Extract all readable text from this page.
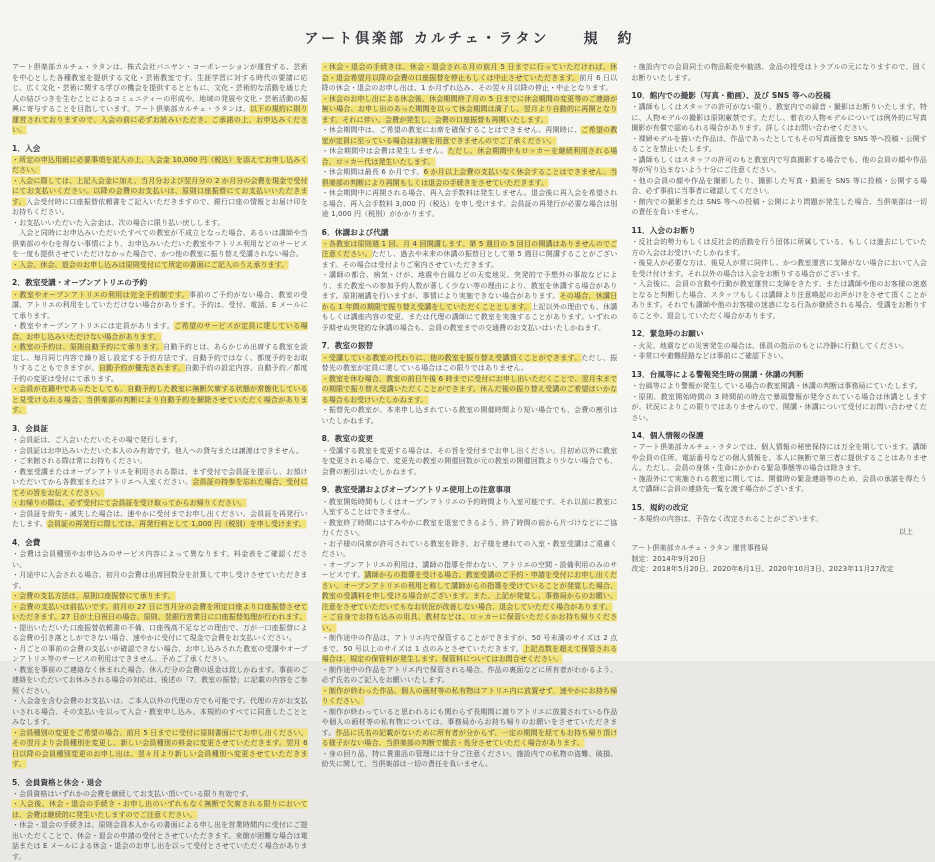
アート倶楽部 カルチェ・ラタン　　規　約
アート倶楽部カルチェ・ラタンは、株式会社パニヤン・コーポレーションが運営する、芸術を中心とした各種教室を提供する文化・芸術教室です。生涯学習に対する時代の要請に応じ、広く文化・芸術に関する学びの機会を提供するとともに、文化・芸術的な活動を通じた人の結びつきを生むことによるコミュニティーの形成や、地域の発展や文化・芸術活動の振興に寄与することを目指しています。アート倶楽部カルチェ・ラタンは、以下の規約に則り運営されておりますので、入会の前に必ずお読みいただき、ご承諾の上、お申込みください。
1．入会
・所定の申込用紙に必要事項を記入の上、入会金 10,000 円（税込）を添えてお申し込みください。
・入会に際しては、上記入会金に加え、当月分および翌月分の 2 か月分の会費を現金で受付にてお支払いください。以降の会費のお支払いは、原則口座振替にてお支払いいただきます。入会受付時に口座振替依頼書をご記入いただきますので、銀行口座の情報とお届け印をお持ちください。
・お支払いいただいた入会金は、次の場合に限り払い戻しします。
　入会と同時にお申込みいただいたすべての教室が不成立となった場合、あるいは講師や当倶楽部のやむを得ない事情により、お申込みいただいた教室やアトリエ利用などのサービスを一度も提供させていただけなかった場合で、かつ他の教室に振り替え受講されない場合。
・入会、休会、退会のお申し込みは原則受付にて所定の書面にご記入のうえ承ります。
2．教室受講・オープンアトリエの予約
・教室やオープンアトリエの利用は完全予約制です。事前のご予約がない場合、教室の受講、アトリエの利用をしていただけない場合があります。予約は、受付、電話、E メールにて承ります。
・教室やオープンアトリエには定員があります。ご希望のサービスが定員に達している場合、お申し込みいただけない場合があります。
・教室の予約は、原則自動予約にて承ります。自動予約とは、あらかじめ出席する教室を設定し、毎月同じ内容で繰り返し設定する予約方法です。自動予約ではなく、都度予約をお取りすることもできますが、自動予約が優先されます。自動予約の設定内容、自動予約／都度予約の変更は受付にて承ります。
・会員が在籍中であったとしても、自動予約した教室に無断欠席する状態が常態化していると見受けられる場合、当倶楽部の判断により自動予約を解除させていただく場合があります。
3．会員証
・会員証は、ご入会いただいたその場で発行します。
・会員証はお申込みいただいた本人のみ有効です。他人への貸与または譲渡はできません。
・ご来館される際は常にお持ちください。
・教室受講またはオープンアトリエを利用される際は、まず受付で会員証を提示し、お預けいただいてから各教室またはアトリエへ入室ください。会員証の持参を忘れた場合、受付にてその旨をお伝えください。
・お帰りの際は、必ず受付にて会員証を受け取ってからお帰りください。
・会員証を紛失・滅失した場合は、速やかに受付までお申し出ください。会員証を再発行いたします。会員証の再発行に際しては、再発行料として 1,000 円（税別）を申し受けます。
4．会費
・会費は会員種別やお申込みのサービス内容によって異なります。料金表をご確認ください。
・月途中に入会される場合、初月の会費は出席回数分を計算して申し受けさせていただきます。
・会費の支払方法は、原則口座振替にて承ります。
・会費の支払いは前払いです。前月の 27 日に当月分の会費を所定口座より口座振替させていただきます。27 日が土日祝日の場合、原則、翌銀行営業日に口座振替処理が行われます。
・提出いただいた口座振替依頼書の不備、口座残高不足などの理由で、万が一口座振替による会費の引き落としができない場合、速やかに受付にて現金で会費をお支払いください。
・月ごとの事前の会費の支払いが確認できない場合、お申し込みされた教室の受講やオープンアトリエ等のサービスの利用はできません。予めご了承ください。
・教室を事前のご連絡なく休まれた場合、休んだ分の会費の返金は致しかねます。事前のご連絡をいただいてお休みされる場合の対応は、後述の「7．教室の振替」に記載の内容をご参照ください。
・入会金を含む会費のお支払いは、ご本人以外の代理の方でも可能です。代理の方がお支払いされる場合、その支払いを以って入会・教室申し込み、本規約のすべてに同意したこととみなします。
・会員種別の変更をご希望の場合、前月 5 日までに受付に原則書面にてお申し出ください。その翌月より会員種別を変更し、新しい会員種別の料金に変更させていただきます。翌月 6 日以降の会員種別変更のお申し出は、翌々月より新しい会員種別へ変更させていただきます。
5．会員資格と休会・退会
・会員資格はいずれかの会費を継続してお支払い頂いている限り有効です。
・入会後、休会・退会の手続き・お申し出のいずれもなく無断で欠席される限りにおいては、会費は継続的に発生いたしますのでご注意ください。
・休会・退会の手続きは、原則会員本人からの書面による申し出を営業時間内に受付にご提出いただくことで、休会・退会の申請の受付とさせていただきます。来館が困難な場合は電話または E メールによる休会・退会のお申し出を以って受付とさせていただく場合があります。
・休会・退会の手続きは、休会・退会される月の前月 5 日までに行っていただければ、休会・退会希望月以降の会費の口座振替を停止もしくは中止させていただきます。前月 6 日以降の休会・退会のお申し出は、1 か月ずれ込み、その翌々月以降の停止・中止となります。
・休会のお申し出による休会後、休会期間終了月の 5 日までに休会期間の変更等のご連絡が無い場合、お申し出のあった期間を以って休会期間は満了し、翌月より自動的に再開となります。それに伴い、会費が発生し、会費の口座振替も再開いたします。
・休会期間中は、ご希望の教室にお席を確保することはできません。再開時に、ご希望の教室が定員に至っている場合はお席を用意できませんのでご了承ください。
・休会期間中は会費は発生しません。ただし、休会期間中もロッカーを継続利用される場合、ロッカー代は発生いたします。
・休会期間は最長 6 か月です。6 か月以上会費の支払いなく休会することはできません。当倶楽部の判断により再開もしくは退会の手続きをさせていただきます。
・休会期間中に再開される場合、再入会手数料は発生しません。退会後に再入会を希望される場合、再入会手数料 3,000 円（税込）を申し受けます。会員証の再発行が必要な場合は別途 1,000 円（税別）がかかります。
6．休講および代講
・各教室は原則週 1 回、月 4 回開講します。第 5 週目の 5 回目の開講はありませんのでご注意ください。ただし、過去や未来の休講の振替日として第 5 週目に開講することがございます。その場合は受付よりご案内させていただきます。
・講師の都合、病気・けが、地震や台風などの天変地災、突発的で予想外の事故などにより、また教室への参加予約人数が著しく少ない等の理由により、教室を休講する場合があります。原則補講を行いますが、事情により実施できない場合があります。その場合、休講日から 1 年間の期限で振り替え受講をしていただくこととします。上記以外の理由でも、休講もしくは講座内容の変更、または代理の講師にて教室を実施することがあります。いずれの予期せぬ突発的な休講の場合も、会員の教室までの交通費のお支払いはいたしかねます。
7．教室の振替
・受講している教室の代わりに、他の教室を振り替え受講頂くことができます。ただし、振替先の教室が定員に達している場合はこの限りではありません。
・教室を休む場合、教室の前日午後 6 時までに受付にお申し出いただくことで、翌月末までの期限で振り替え受講いただくことができます。休んだ後の振り替え受講のご希望はいかなる場合もお受けいたしかねます。
・振替先の教室が、本来申し込まれている教室の開催時間より短い場合でも、会費の割引はいたしかねます。
8．教室の変更
・受講する教室を変更する場合は、その旨を受付までお申し出ください。月初め以外に教室を変更される場合で、変更先の教室の開催回数が元の教室の開催回数より少ない場合でも、会費の割引はいたしかねます。
9．教室受講およびオープンアトリエ使用上の注意事項
・教室開始時間もしくはオープンアトリエの予約時間より入室可能です。それ以前に教室に入室することはできません。
・教室終了時間にはすみやかに教室を退室できるよう、終了時間の前から片づけなどにご協力ください。
・お子様の同席が許可されている教室を除き、お子様を連れての入室・教室受講はご遠慮ください。
・オープンアトリエの利用は、講師の指導を伴わない、アトリエの空間・設備利用のみのサービスです。講師からの指導を受ける場合、教室受講のご予約・申請を受付にお申し出ください。オープンアトリエの利用と称して講師からの指導を受けていることが発覚した場合、教室の受講料を申し受ける場合がございます。また、上記が発覚し、事務局からのお願い、注意をさせていただいてもなお状況が改善しない場合、退会していただく場合があります。
・ご自身でお持ち込みの用具、教材などは、ロッカーに保管いただくかお持ち帰りください。
・制作途中の作品は、アトリエ内で保管することができますが、50 号未満のサイズは 2 点まで、50 号以上のサイズは 1 点のみとさせていただきます。上記点数を超えて保管される場合は、規定の保管料が発生します。保管料についてはお問合せください。
・制作途中の作品をアトリエ内で保管される場合、作品の裏面などに所有者がわかるよう、必ず氏名のご記入をお願いいたします。
・制作が終わった作品、個人の画材等の私有物はアトリエ内に放置せず、速やかにお持ち帰りください。
・制作が終わっていると思われるにも関わらず長期間に渡りアトリエに放置されている作品や個人の画材等の私有物については、事務局からお持ち帰りのお願いをさせていただきます。作品に氏名の記載がないために所有者が分からず、一定の期間を経てもお持ち帰り頂ける様子がない場合、当倶楽部の判断で撤去・処分させていただく場合があります。
・身の回り品、特に貴重品の管理には十分ご注意ください。施設内での私物の盗難、破損、紛失に関して、当倶楽部は一切の責任を負いません。
・施設内での会員同士の物品販売や勧誘、金品の授受はトラブルの元になりますので、固くお断りいたします。
10．館内での撮影（写真・動画）、及び SNS 等への投稿
・講師もしくはスタッフの許可がない限り、教室内での録音・撮影はお断りいたします。特に、人物モデルの撮影は原則厳禁です。ただし、着衣の人物モデルについては例外的に写真撮影が有償で認められる場合があります。詳しくはお問い合わせください。
・裸婦モデルを描いた作品は、作品であったとしてもその写真画像を SNS 等へ投稿・公開することを禁止いたします。
・講師もしくはスタッフの許可のもと教室内で写真撮影する場合でも、他の会員の顔や作品等が写り込まないよう十分にご注意ください。
・他の会員の顔や作品を撮影したり、撮影した写真・動画を SNS 等に投稿・公開する場合、必ず事前に当事者に確認してください。
・館内での撮影または SNS 等への投稿・公開により問題が発生した場合、当倶楽部は一切の責任を負いません。
11．入会のお断り
・反社会的勢力もしくは反社会的活動を行う団体に所属している、もしくは過去にしていた方の入会はお受けいたしかねます。
・後見人が必要な方は、後見人が常に同伴し、かつ教室運営に支障がない場合において入会を受け付けます。それ以外の場合は入会をお断りする場合がございます。
・入会後に、会員の言動や行動が教室運営に支障をきたす、または講師や他のお客様の迷惑となると判断した場合、スタッフもしくは講師より注意喚起のお声がけをさせて頂くことがあります。それでも講師や他のお客様の迷惑になる行為が継続される場合、受講をお断りすることや、退会していただく場合があります。
12．緊急時のお願い
・火災、地震などの災害発生の場合は、係員の指示のもとに冷静に行動してください。
・非常口や避難経路などは事前にご確認下さい。
13．台風等による警報発生時の開講・休講の判断
・台風等により警報が発生している場合の教室開講・休講の判断は事務局にていたします。
・原則、教室開始時間の 3 時間前の時点で暴風警報が発令されている場合は休講としますが、状況によりこの限りではありませんので、開講・休講について受付にお問い合わせください。
14．個人情報の保護
・アート倶楽部カルチェ・ラタンでは、個人情報の秘密保持には万全を期しています。講師や会員の住所、電話番号などの個人情報を、本人に無断で第三者に提供することはありません。ただし、会員の身体・生命にかかわる緊急事態等の場合は除きます。
・施設外にて実施される教室に関しては、開催時の緊急連絡等のため、会員の承諾を得たうえで講師に会員の連絡先一覧を渡す場合がございます。
15．規約の改定
・本規約の内容は、予告なく改定されることがございます。
以上
アート倶楽部カルチェ・ラタン 運営事務局
制定：2014年9月20日
改定：2018年5月20日、2020年6月1日、2020年10月3日、2023年11月27改定
